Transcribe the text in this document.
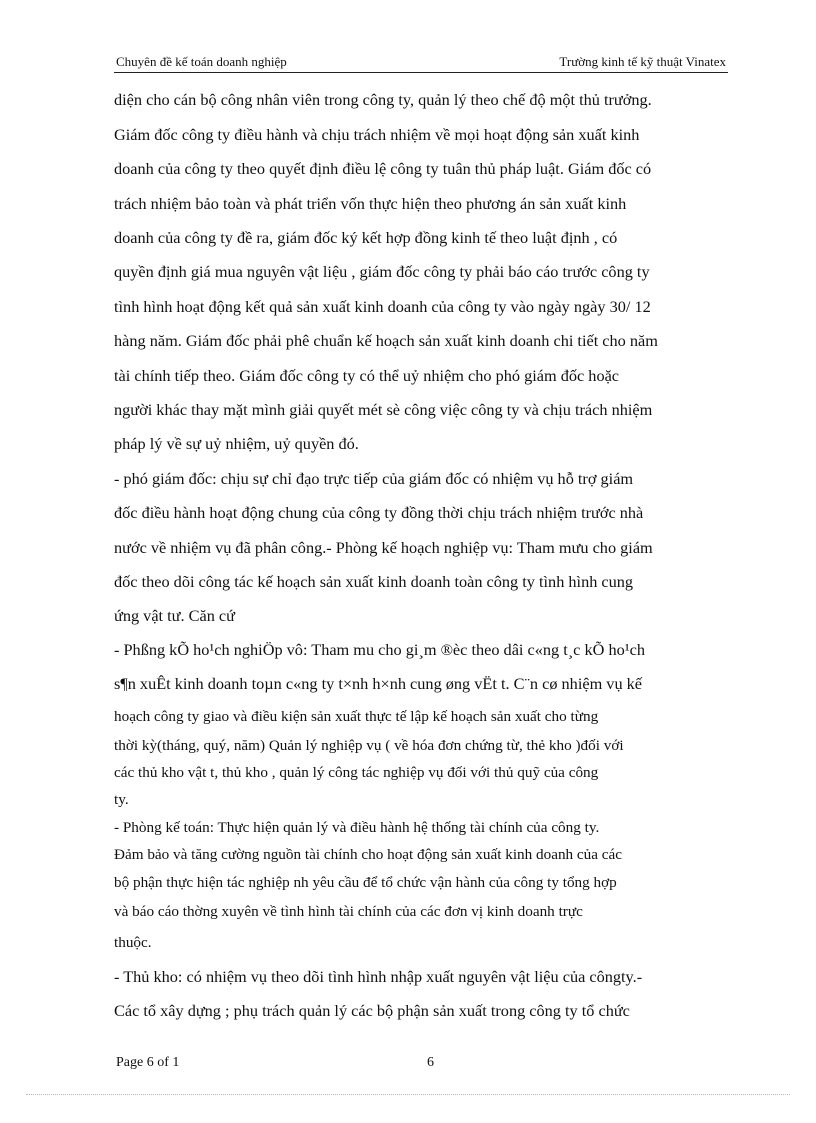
Chuyên đề kế toán doanh nghiệp	Trường kinh tế kỹ thuật Vinatex
diện cho cán bộ công nhân viên trong công ty, quản lý theo chế độ một thủ trưởng.
Giám đốc công ty điều hành và chịu trách nhiệm về mọi hoạt động sản xuất kinh
doanh của công ty theo quyết định điều lệ công ty tuân thủ pháp luật. Giám đốc có
trách nhiệm bảo toàn và phát triển vốn thực hiện theo phương án sản xuất kinh
doanh của công ty đề ra, giám đốc ký kết hợp đồng kinh tế theo luật định , có
quyền định giá mua nguyên vật liệu , giám đốc công ty phải báo cáo trước công ty
tình hình hoạt động kết quả sản xuất kinh doanh của công ty vào ngày ngày 30/ 12
hàng năm. Giám đốc phải phê chuẩn kế hoạch sản xuất kinh doanh chi tiết cho năm
tài chính tiếp theo. Giám đốc công ty có thể uỷ nhiệm cho phó giám đốc hoặc
người khác thay mặt mình giải quyết mét sè công việc công ty và chịu trách nhiệm
pháp lý về sự uỷ nhiệm, uỷ quyền đó.
- phó giám đốc: chịu sự chỉ đạo trực tiếp của giám đốc có nhiệm vụ hỗ trợ giám
đốc điều hành hoạt động chung của công ty đồng thời chịu trách nhiệm trước nhà
nước về nhiệm vụ đã phân công.- Phòng kế hoạch nghiệp vụ: Tham mưu cho giám
đốc theo dõi công tác kế hoạch sản xuất kinh doanh toàn công ty tình hình cung
ứng vật tư. Căn cứ
- Phßng kÕ ho¹ch nghiÖp vô: Tham mu cho gi¸m ®èc theo dâi c«ng t¸c kÕ ho¹ch
s¶n xuÊt kinh doanh toµn c«ng ty t×nh h×nh cung øng vËt t. C¨n cø nhiệm vụ kế
hoạch công ty giao và điều kiện sản xuất thực tế lập kế hoạch sản xuất cho từng
thời kỳ(tháng, quý, năm) Quản lý nghiệp vụ ( về hóa đơn chứng từ, thẻ kho )đối với
các thủ kho vật t, thủ kho , quản lý công tác nghiệp vụ đối với thủ quỹ của công
ty.
- Phòng kế toán: Thực hiện quản lý và điều hành hệ thống tài chính của công ty.
Đảm bảo và tăng cường nguồn tài chính cho hoạt động sản xuất kinh doanh của các
bộ phận thực hiện tác nghiệp nh yêu cầu để tổ chức vận hành của công ty tổng hợp
và báo cáo thờng xuyên về tình hình tài chính của các đơn vị kinh doanh trực
thuộc.
- Thủ kho: có nhiệm vụ theo dõi tình hình nhập xuất nguyên vật liệu của côngty.-
Các tổ xây dựng ; phụ trách quản lý các bộ phận sản xuất trong công ty tổ chức
Page 6 of 1	6
